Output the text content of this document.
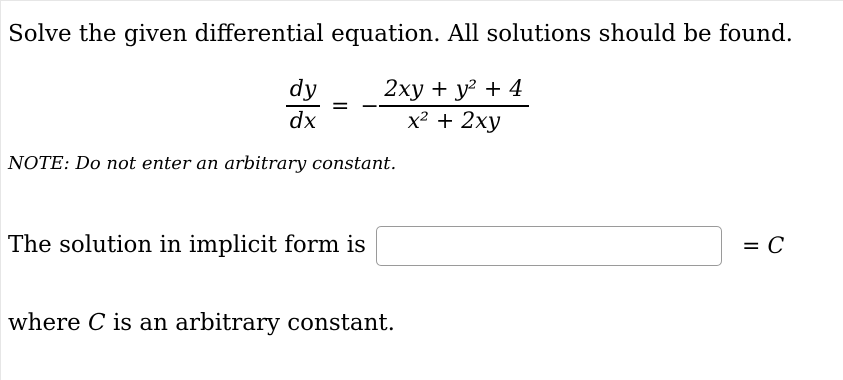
Solve the given differential equation. All solutions should be found.
$\frac{dy}{dx}$ = − $\frac{\text{2xy + y² + 4}}{\text{x² + 2xy}}$
NOTE: Do not enter an arbitrary constant.
The solution in implicit form is	= C
where C is an arbitrary constant.
